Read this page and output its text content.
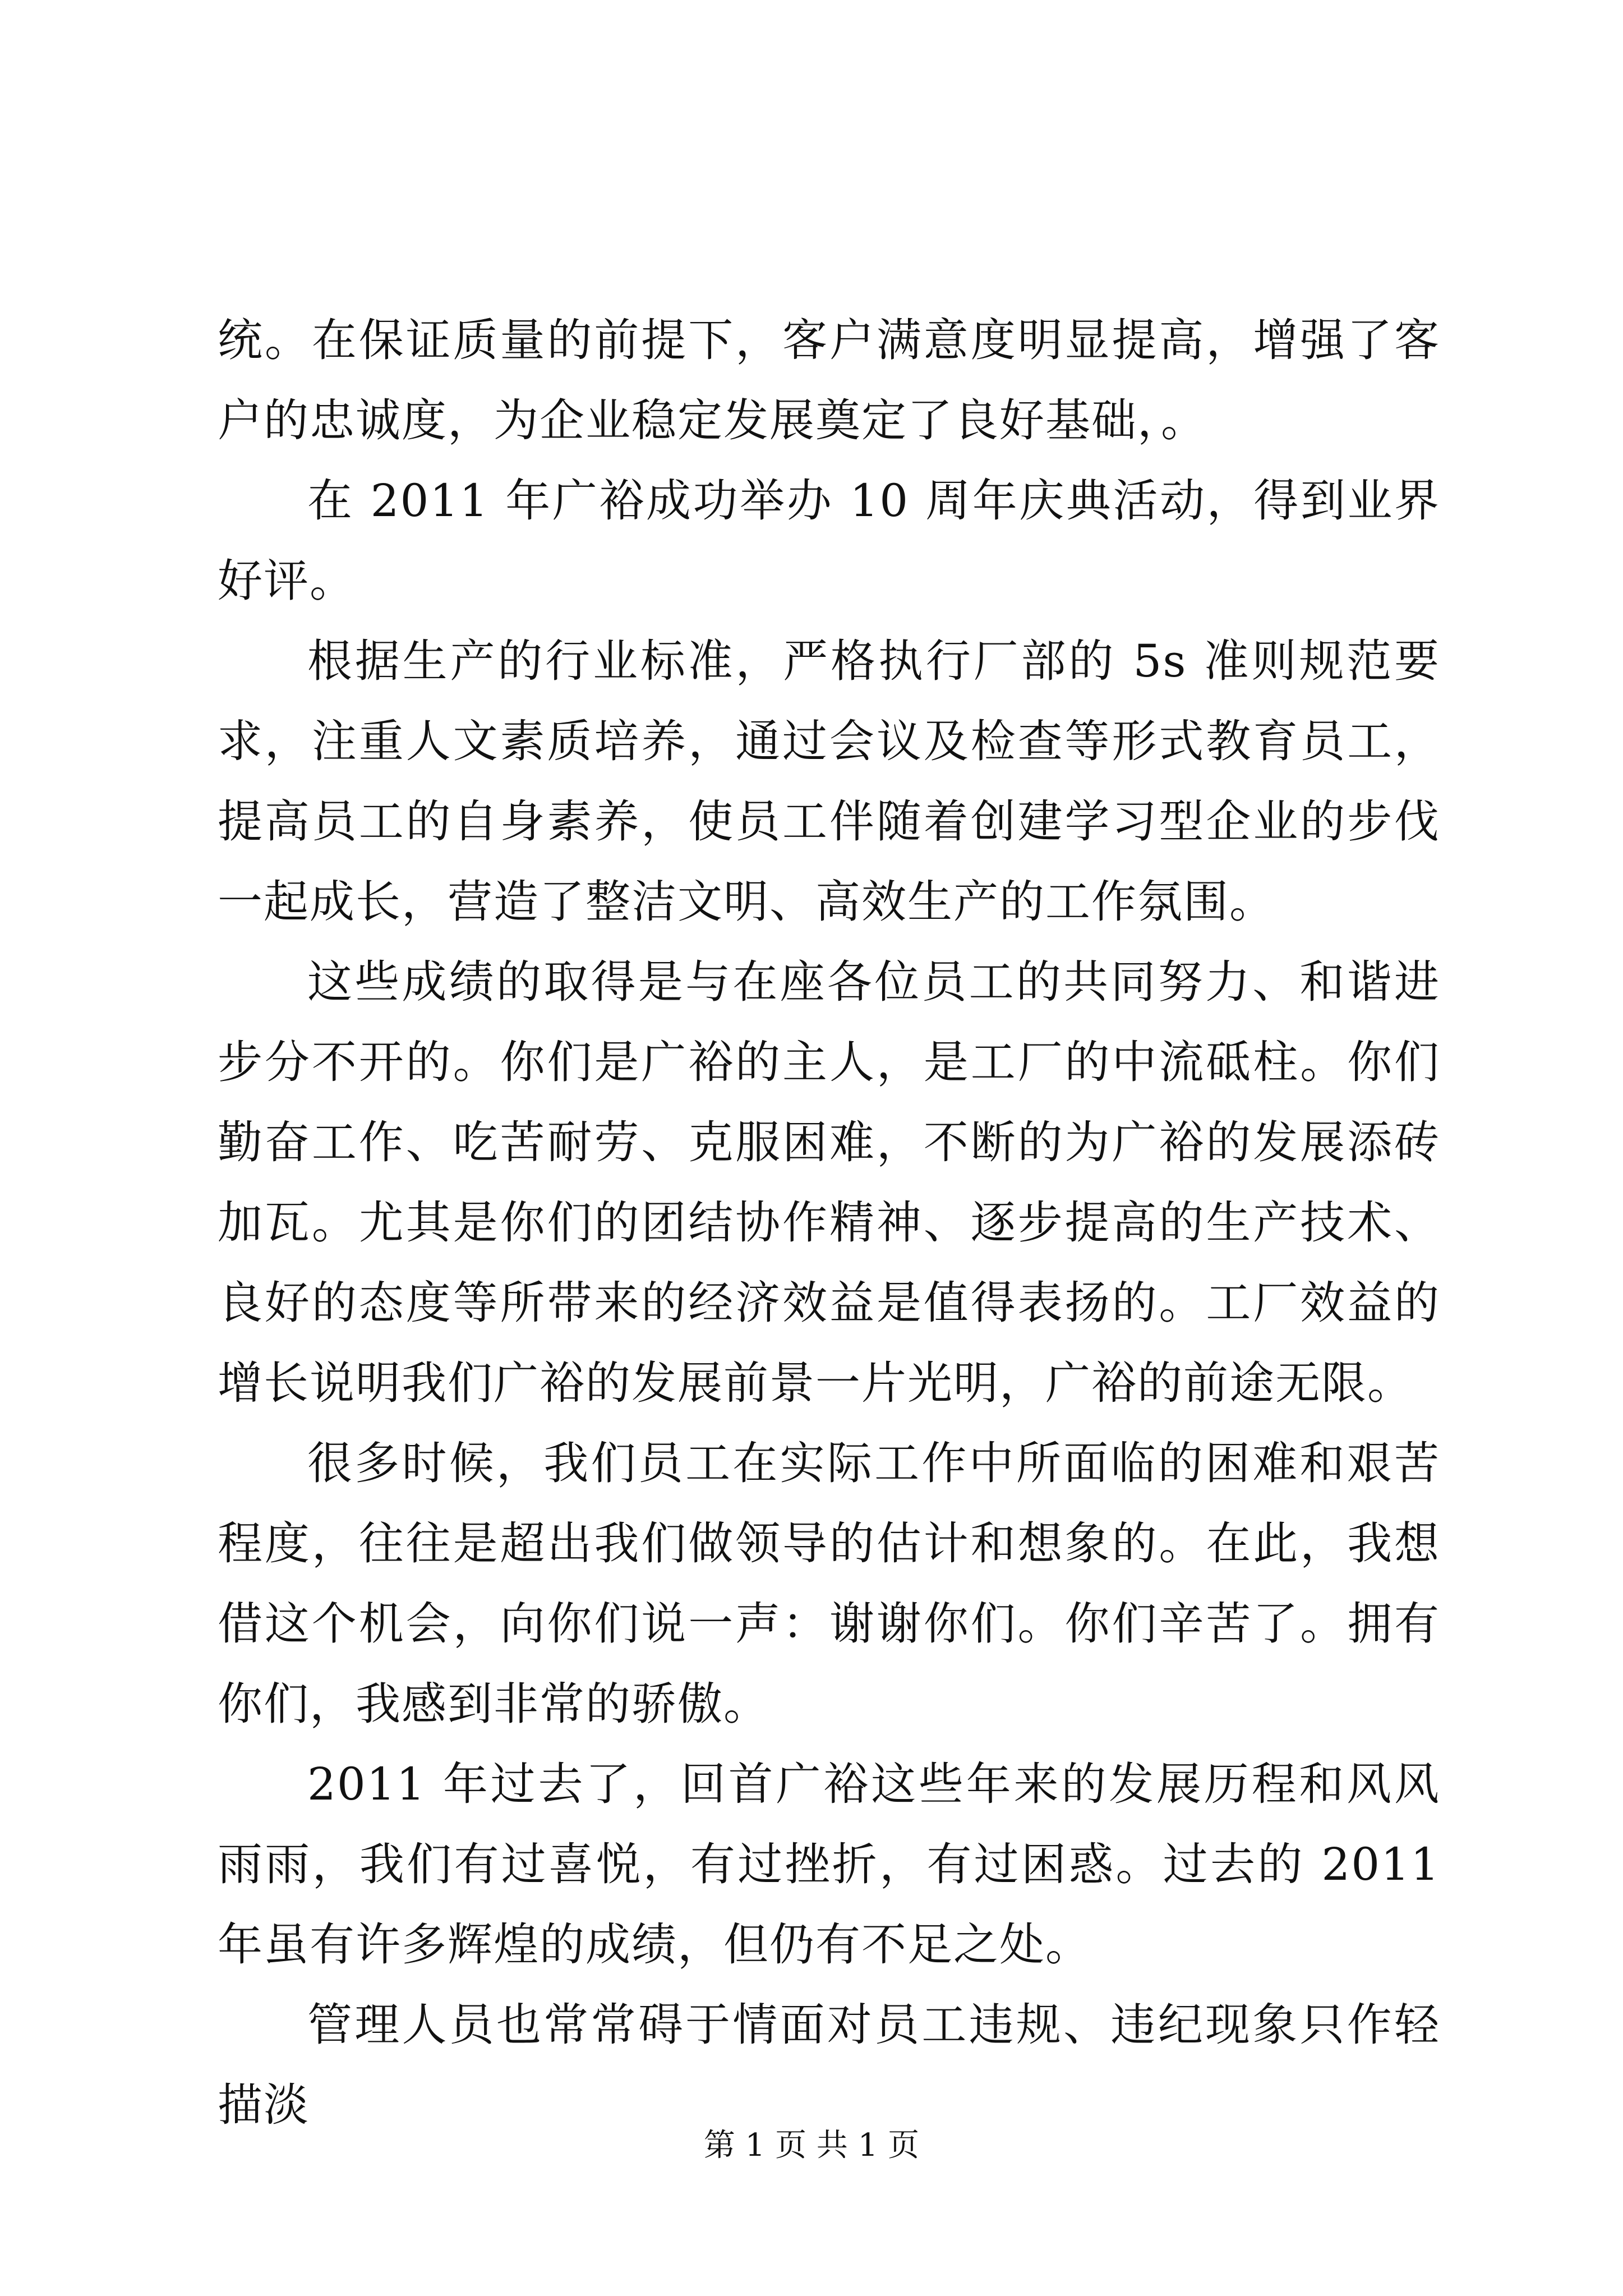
统。在保证质量的前提下，客户满意度明显提高，增强了客户的忠诚度，为企业稳定发展奠定了良好基础，。

在 2011 年广裕成功举办 10 周年庆典活动，得到业界好评。

根据生产的行业标准，严格执行厂部的 5s 准则规范要求，注重人文素质培养，通过会议及检查等形式教育员工，提高员工的自身素养，使员工伴随着创建学习型企业的步伐一起成长，营造了整洁文明、高效生产的工作氛围。

这些成绩的取得是与在座各位员工的共同努力、和谐进步分不开的。你们是广裕的主人，是工厂的中流砥柱。你们勤奋工作、吃苦耐劳、克服困难，不断的为广裕的发展添砖加瓦。尤其是你们的团结协作精神、逐步提高的生产技术、良好的态度等所带来的经济效益是值得表扬的。工厂效益的增长说明我们广裕的发展前景一片光明，广裕的前途无限。

很多时候，我们员工在实际工作中所面临的困难和艰苦程度，往往是超出我们做领导的估计和想象的。在此，我想借这个机会，向你们说一声：谢谢你们。你们辛苦了。拥有你们，我感到非常的骄傲。

2011 年过去了，回首广裕这些年来的发展历程和风风雨雨，我们有过喜悦，有过挫折，有过困惑。过去的 2011 年虽有许多辉煌的成绩，但仍有不足之处。

管理人员也常常碍于情面对员工违规、违纪现象只作轻描淡

第 1 页 共 1 页
